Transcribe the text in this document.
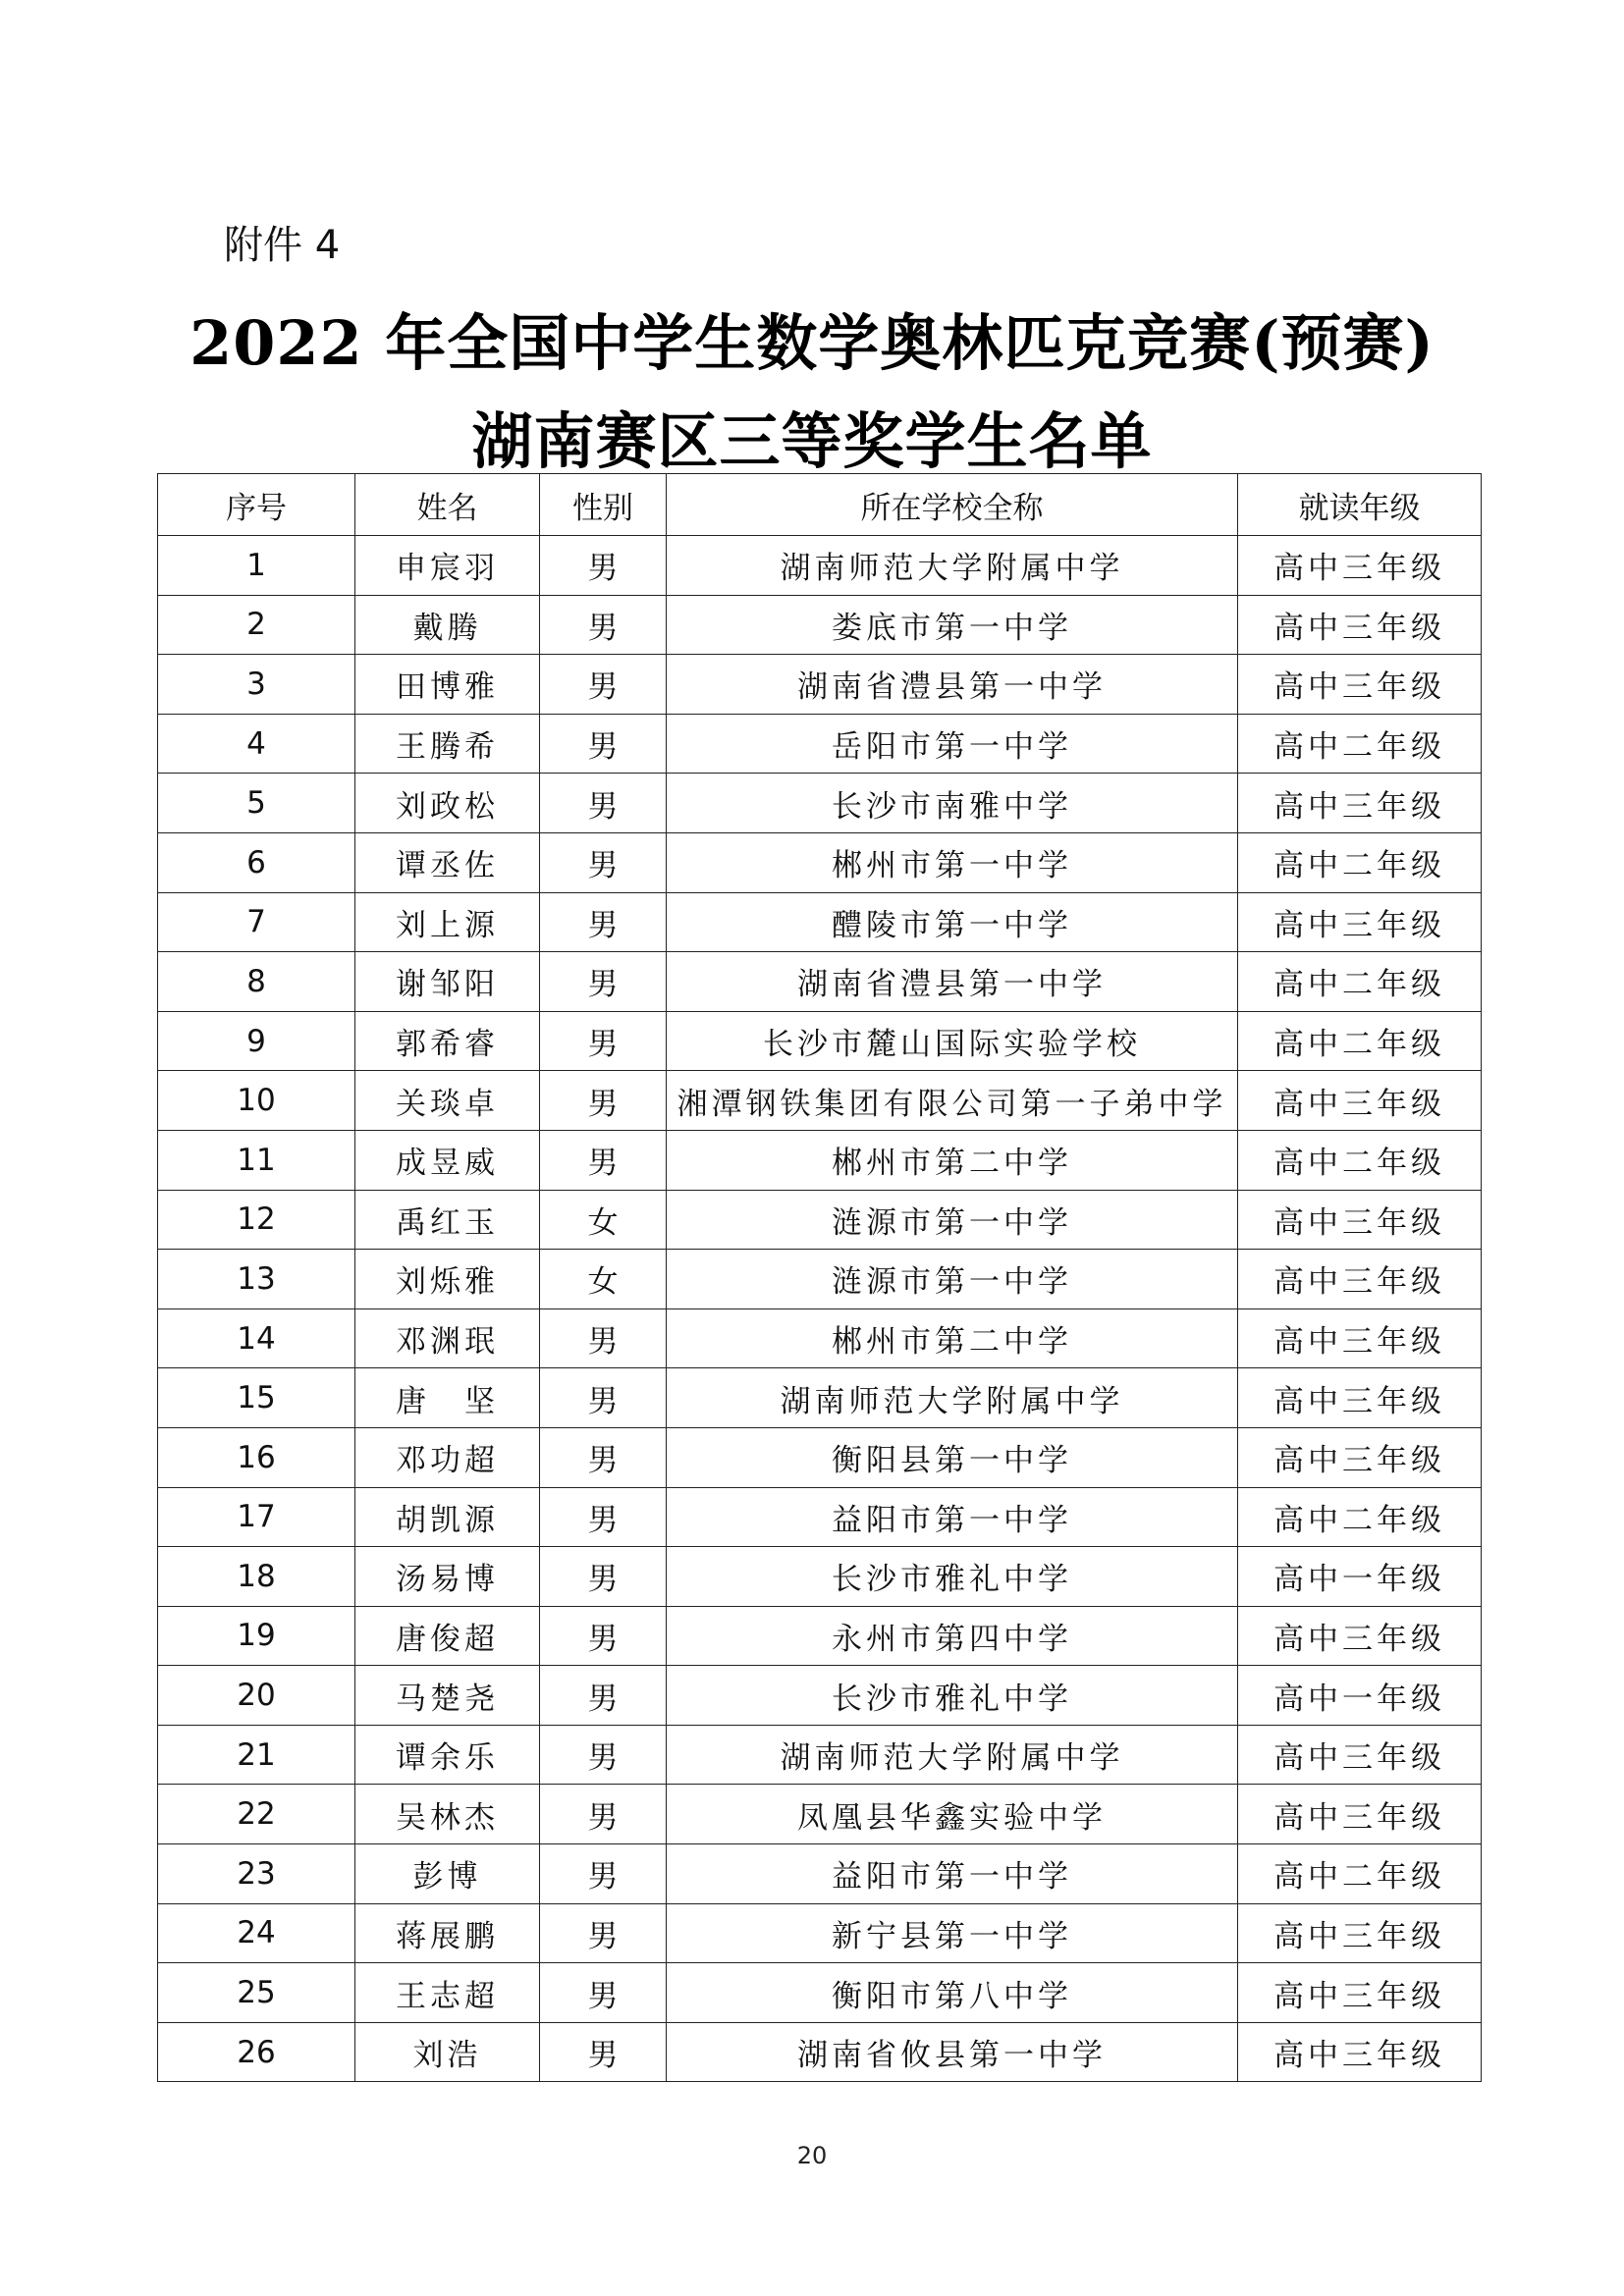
附件 4
2022 年全国中学生数学奥林匹克竞赛(预赛)
湖南赛区三等奖学生名单
序号	姓名	性别	所在学校全称	就读年级
1	申宸羽	男	湖南师范大学附属中学	高中三年级
2	戴腾	男	娄底市第一中学	高中三年级
3	田博雅	男	湖南省澧县第一中学	高中三年级
4	王腾希	男	岳阳市第一中学	高中二年级
5	刘政松	男	长沙市南雅中学	高中三年级
6	谭丞佐	男	郴州市第一中学	高中二年级
7	刘上源	男	醴陵市第一中学	高中三年级
8	谢邹阳	男	湖南省澧县第一中学	高中二年级
9	郭希睿	男	长沙市麓山国际实验学校	高中二年级
10	关琰卓	男	湘潭钢铁集团有限公司第一子弟中学	高中三年级
11	成昱威	男	郴州市第二中学	高中二年级
12	禹红玉	女	涟源市第一中学	高中三年级
13	刘烁雅	女	涟源市第一中学	高中三年级
14	邓渊珉	男	郴州市第二中学	高中三年级
15	唐　坚	男	湖南师范大学附属中学	高中三年级
16	邓功超	男	衡阳县第一中学	高中三年级
17	胡凯源	男	益阳市第一中学	高中二年级
18	汤易博	男	长沙市雅礼中学	高中一年级
19	唐俊超	男	永州市第四中学	高中三年级
20	马楚尧	男	长沙市雅礼中学	高中一年级
21	谭余乐	男	湖南师范大学附属中学	高中三年级
22	吴林杰	男	凤凰县华鑫实验中学	高中三年级
23	彭博	男	益阳市第一中学	高中二年级
24	蒋展鹏	男	新宁县第一中学	高中三年级
25	王志超	男	衡阳市第八中学	高中三年级
26	刘浩	男	湖南省攸县第一中学	高中三年级
20
